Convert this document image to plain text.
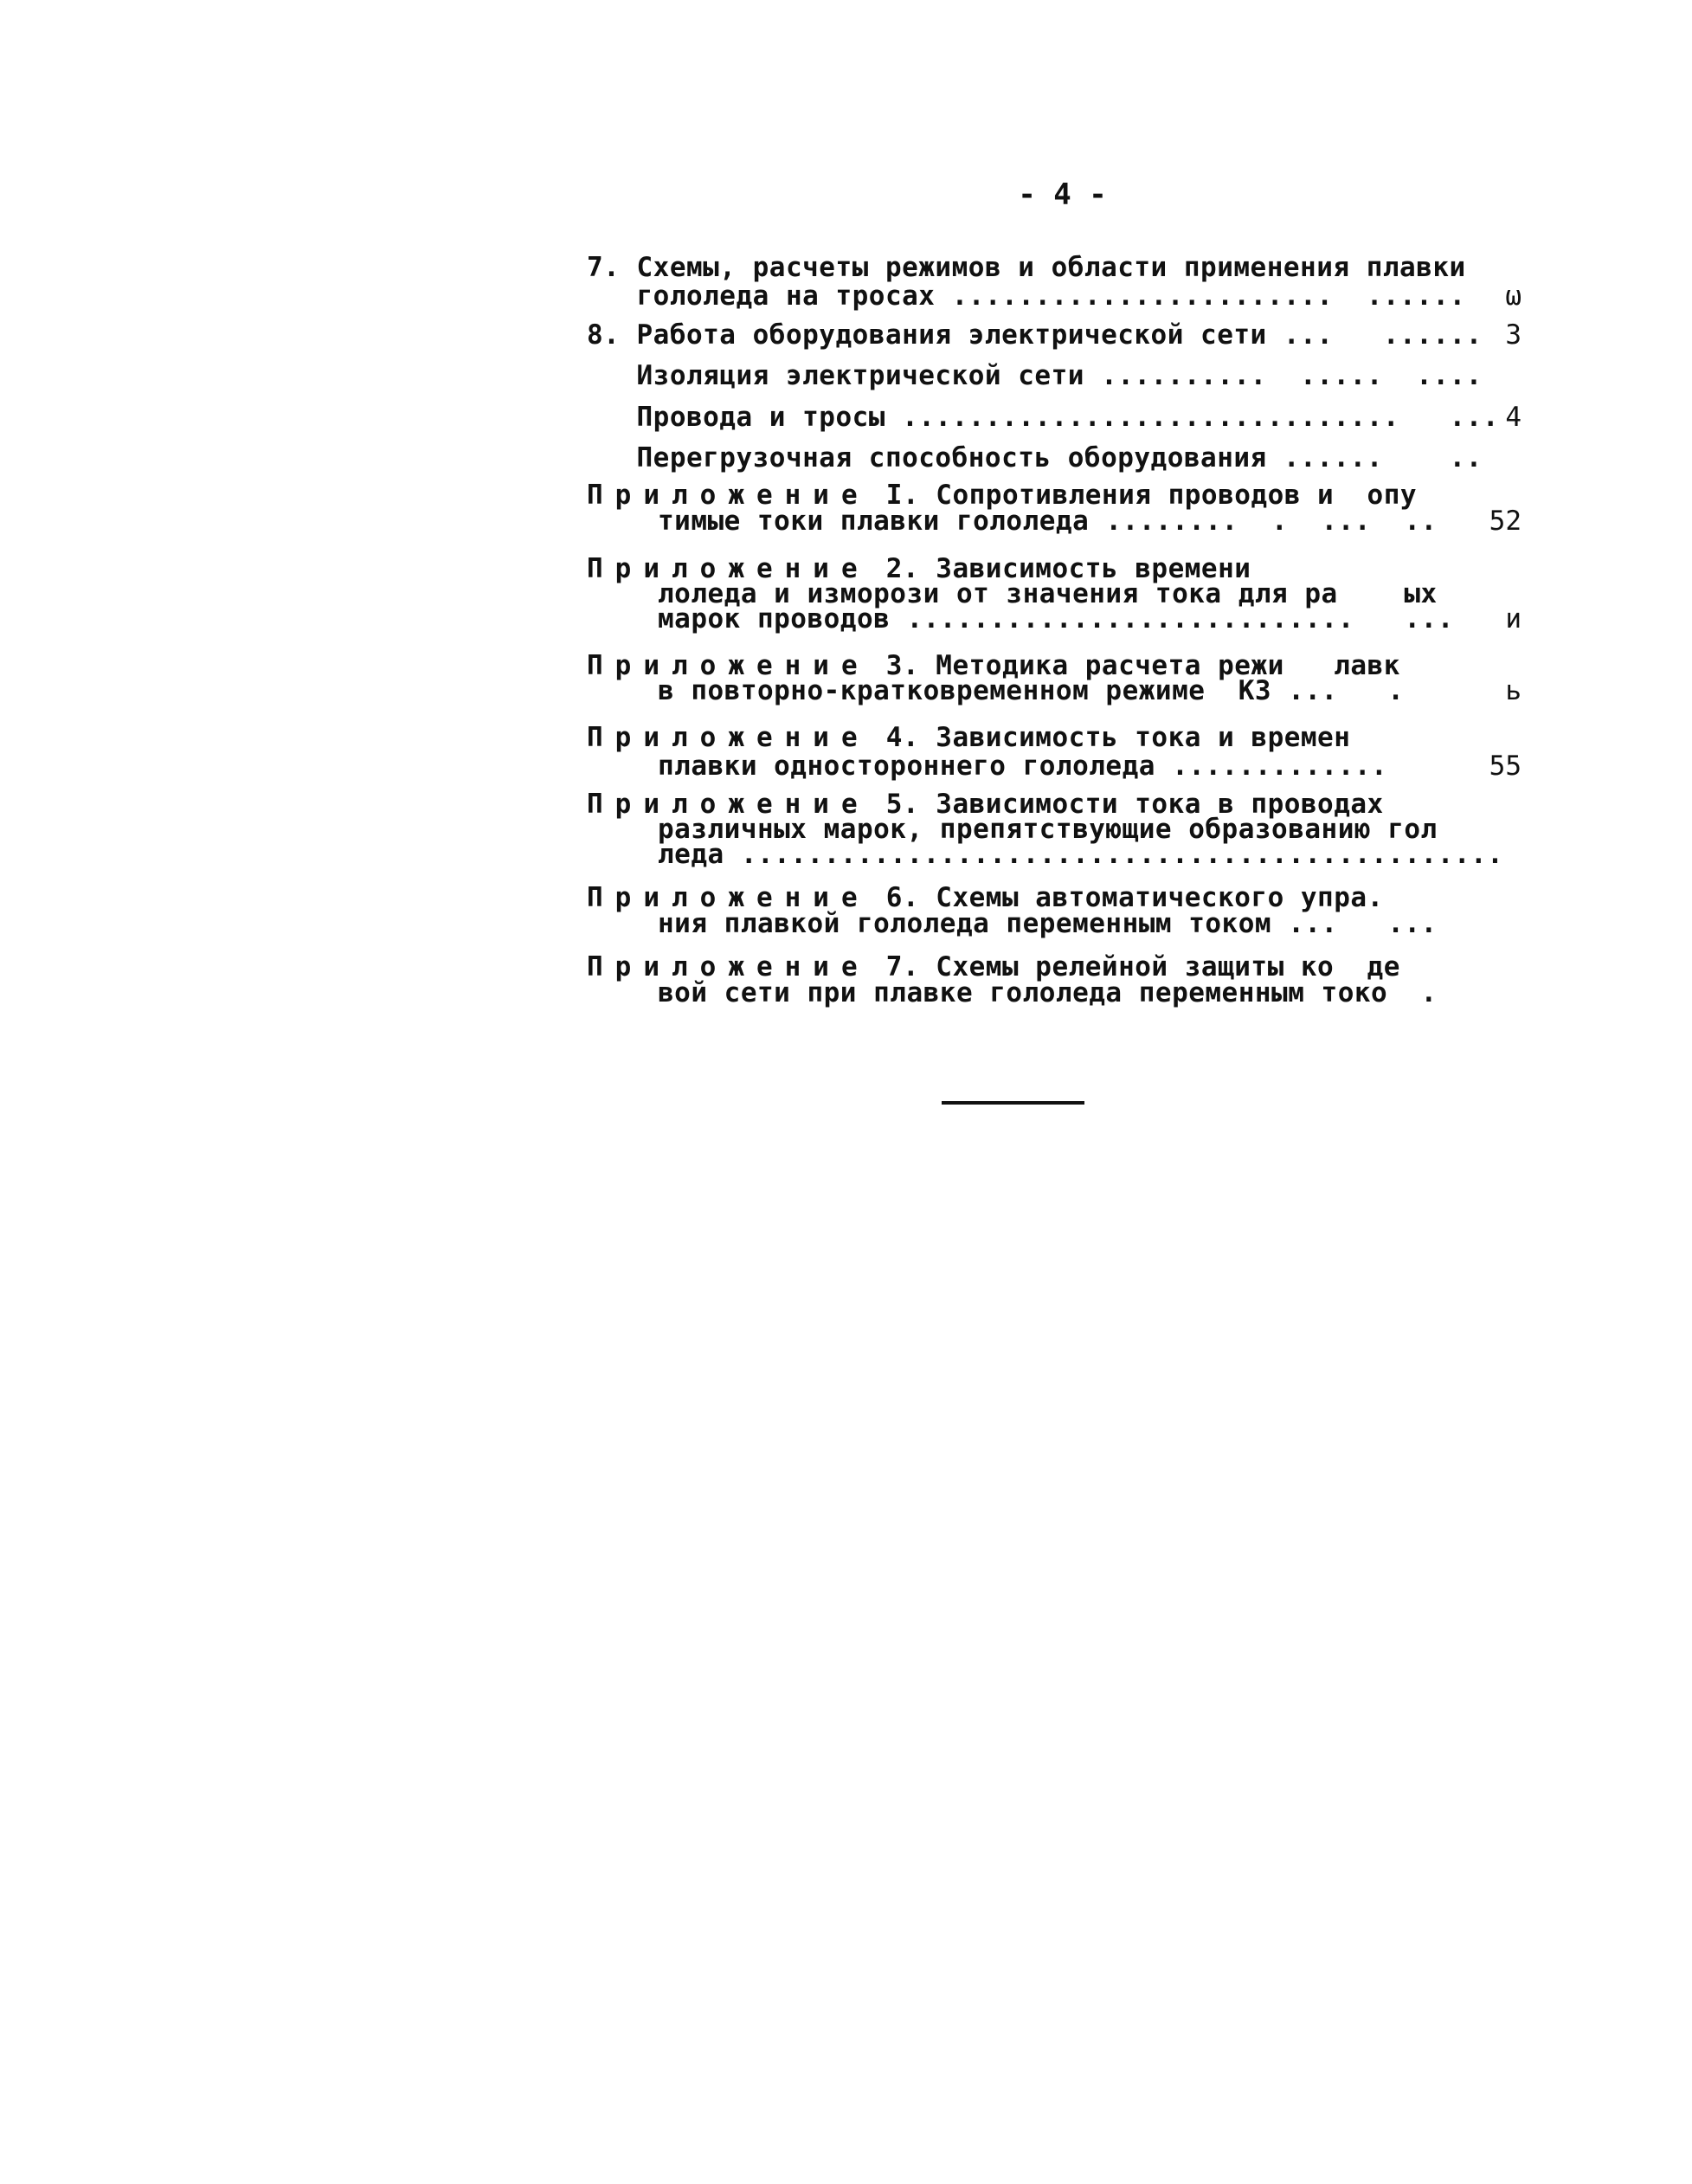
- 4 -
7. Схемы, расчеты режимов и области применения плавки
гололеда на тросах .......................  ...... ω
8. Работа оборудования электрической сети ...   ...... 3
Изоляция электрической сети ..........  .....  ....
Провода и тросы ..............................   ... 4
Перегрузочная способность оборудования ......    ..
Приложение I. Сопротивления проводов и  опу
тимые токи плавки гололеда ........  .  ...  .. 52
Приложение 2. Зависимость времени
лоледа и изморози от значения тока для ра    ых
марок проводов ...........................   ... и
Приложение 3. Методика расчета режи   лавк
в повторно-кратковременном режиме  КЗ ...   .	ь
Приложение 4. Зависимость тока и времен
плавки одностороннего гололеда .............	55
Приложение 5. Зависимости тока в проводах
различных марок, препятствующие образованию гол
леда ..............................................
Приложение 6. Схемы автоматического упра.
ния плавкой гололеда переменным током ...   ...
Приложение 7. Схемы релейной защиты ко  де
вой сети при плавке гололеда переменным токо  .
